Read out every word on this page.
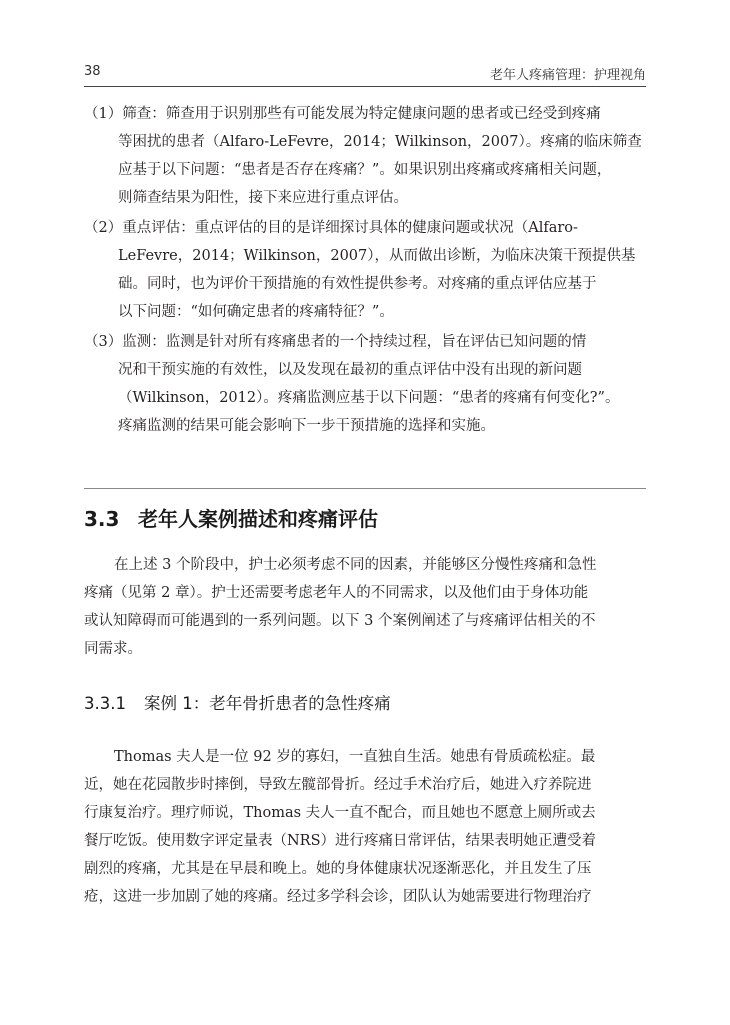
38	老年人疼痛管理：护理视角
（1）筛查：筛查用于识别那些有可能发展为特定健康问题的患者或已经受到疼痛
等困扰的患者（Alfaro-LeFevre，2014；Wilkinson，2007）。疼痛的临床筛查
应基于以下问题：“患者是否存在疼痛？”。如果识别出疼痛或疼痛相关问题，
则筛查结果为阳性，接下来应进行重点评估。
（2）重点评估：重点评估的目的是详细探讨具体的健康问题或状况（Alfaro-
LeFevre，2014；Wilkinson，2007），从而做出诊断，为临床决策干预提供基
础。同时，也为评价干预措施的有效性提供参考。对疼痛的重点评估应基于
以下问题：“如何确定患者的疼痛特征？”。
（3）监测：监测是针对所有疼痛患者的一个持续过程，旨在评估已知问题的情
况和干预实施的有效性，以及发现在最初的重点评估中没有出现的新问题
（Wilkinson，2012）。疼痛监测应基于以下问题：“患者的疼痛有何变化?”。
疼痛监测的结果可能会影响下一步干预措施的选择和实施。
3.3 老年人案例描述和疼痛评估
在上述 3 个阶段中，护士必须考虑不同的因素，并能够区分慢性疼痛和急性
疼痛（见第 2 章）。护士还需要考虑老年人的不同需求，以及他们由于身体功能
或认知障碍而可能遇到的一系列问题。以下 3 个案例阐述了与疼痛评估相关的不
同需求。
3.3.1 案例 1：老年骨折患者的急性疼痛
Thomas 夫人是一位 92 岁的寡妇，一直独自生活。她患有骨质疏松症。最
近，她在花园散步时摔倒，导致左髋部骨折。经过手术治疗后，她进入疗养院进
行康复治疗。理疗师说，Thomas 夫人一直不配合，而且她也不愿意上厕所或去
餐厅吃饭。使用数字评定量表（NRS）进行疼痛日常评估，结果表明她正遭受着
剧烈的疼痛，尤其是在早晨和晚上。她的身体健康状况逐渐恶化，并且发生了压
疮，这进一步加剧了她的疼痛。经过多学科会诊，团队认为她需要进行物理治疗
